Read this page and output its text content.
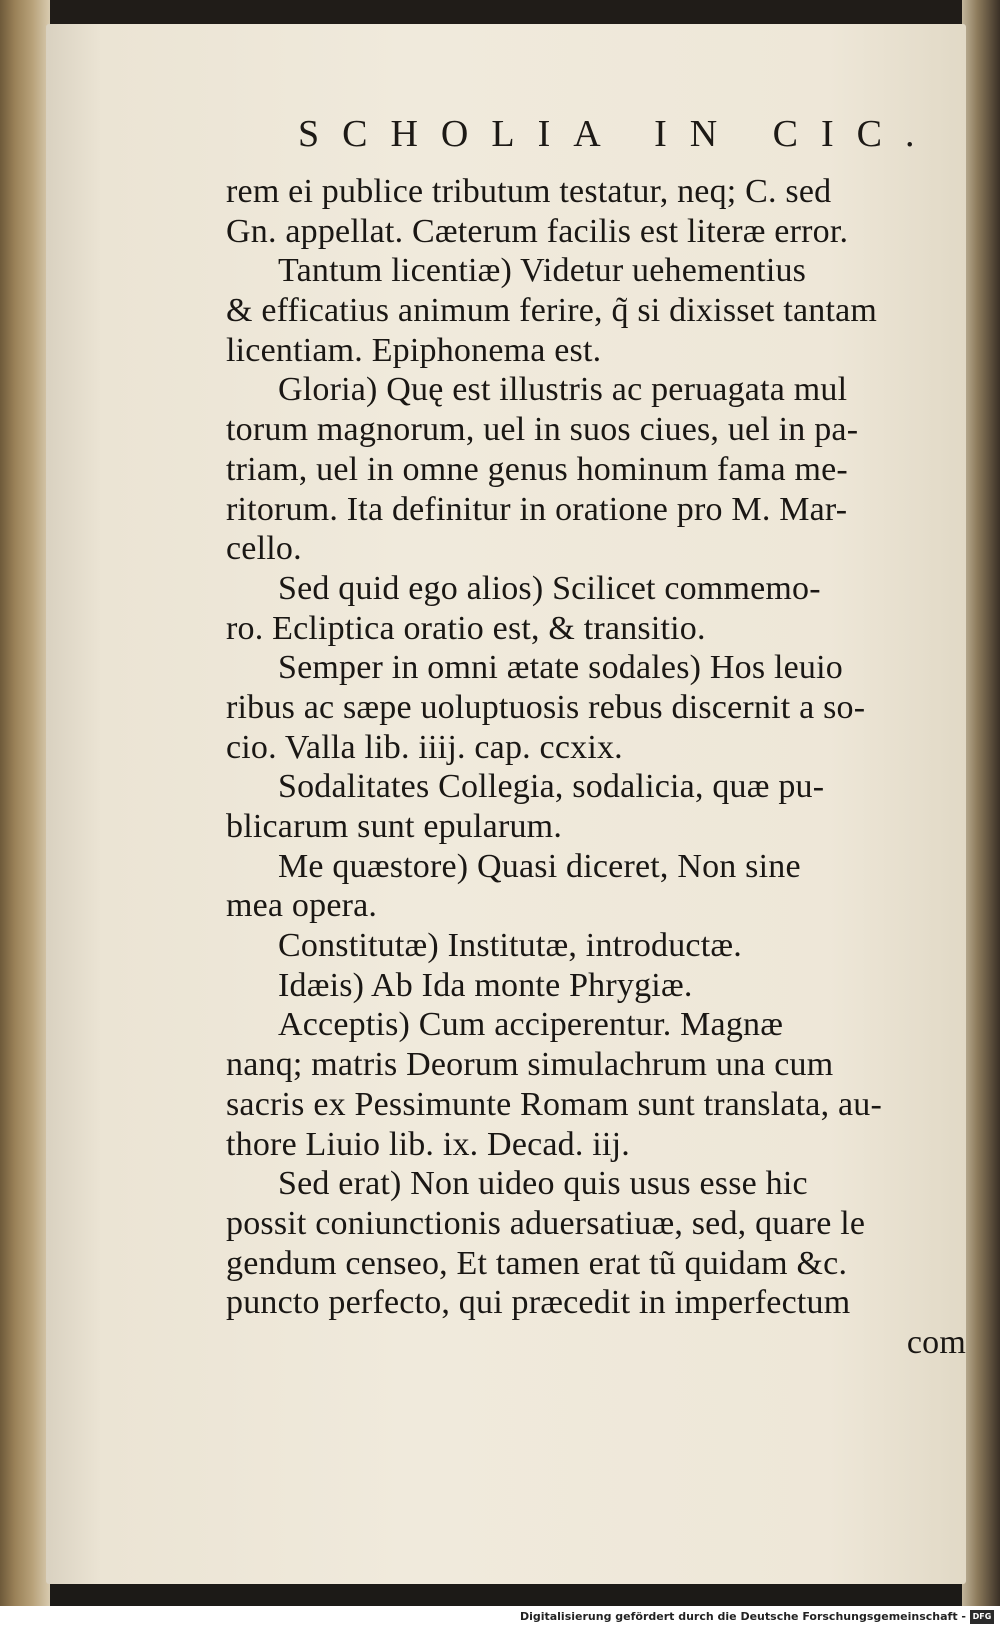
SCHOLIA IN CIC.
rem ei publice tributum testatur, neq; C. sed
Gn. appellat. Cæterum facilis est literæ error.
Tantum licentiæ) Videtur uehementius
& efficatius animum ferire, q̃ si dixisset tantam
licentiam. Epiphonema est.
Gloria) Quę est illustris ac peruagata mul
torum magnorum, uel in suos ciues, uel in pa-
triam, uel in omne genus hominum fama me-
ritorum. Ita definitur in oratione pro M. Mar-
cello.
Sed quid ego alios) Scilicet commemo-
ro. Ecliptica oratio est, & transitio.
Semper in omni ætate sodales) Hos leuio
ribus ac sæpe uoluptuosis rebus discernit a so-
cio. Valla lib. iiij. cap. ccxix.
Sodalitates Collegia, sodalicia, quæ pu-
blicarum sunt epularum.
Me quæstore) Quasi diceret, Non sine
mea opera.
Constitutæ) Institutæ, introductæ.
Idæis) Ab Ida monte Phrygiæ.
Acceptis) Cum acciperentur. Magnæ
nanq; matris Deorum simulachrum una cum
sacris ex Pessimunte Romam sunt translata, au-
thore Liuio lib. ix. Decad. iij.
Sed erat) Non uideo quis usus esse hic
possit coniunctionis aduersatiuæ, sed, quare le
gendum censeo, Et tamen erat tũ quidam &c.
puncto perfecto, qui præcedit in imperfectum
com
Digitalisierung gefördert durch die Deutsche Forschungsgemeinschaft - DFG
